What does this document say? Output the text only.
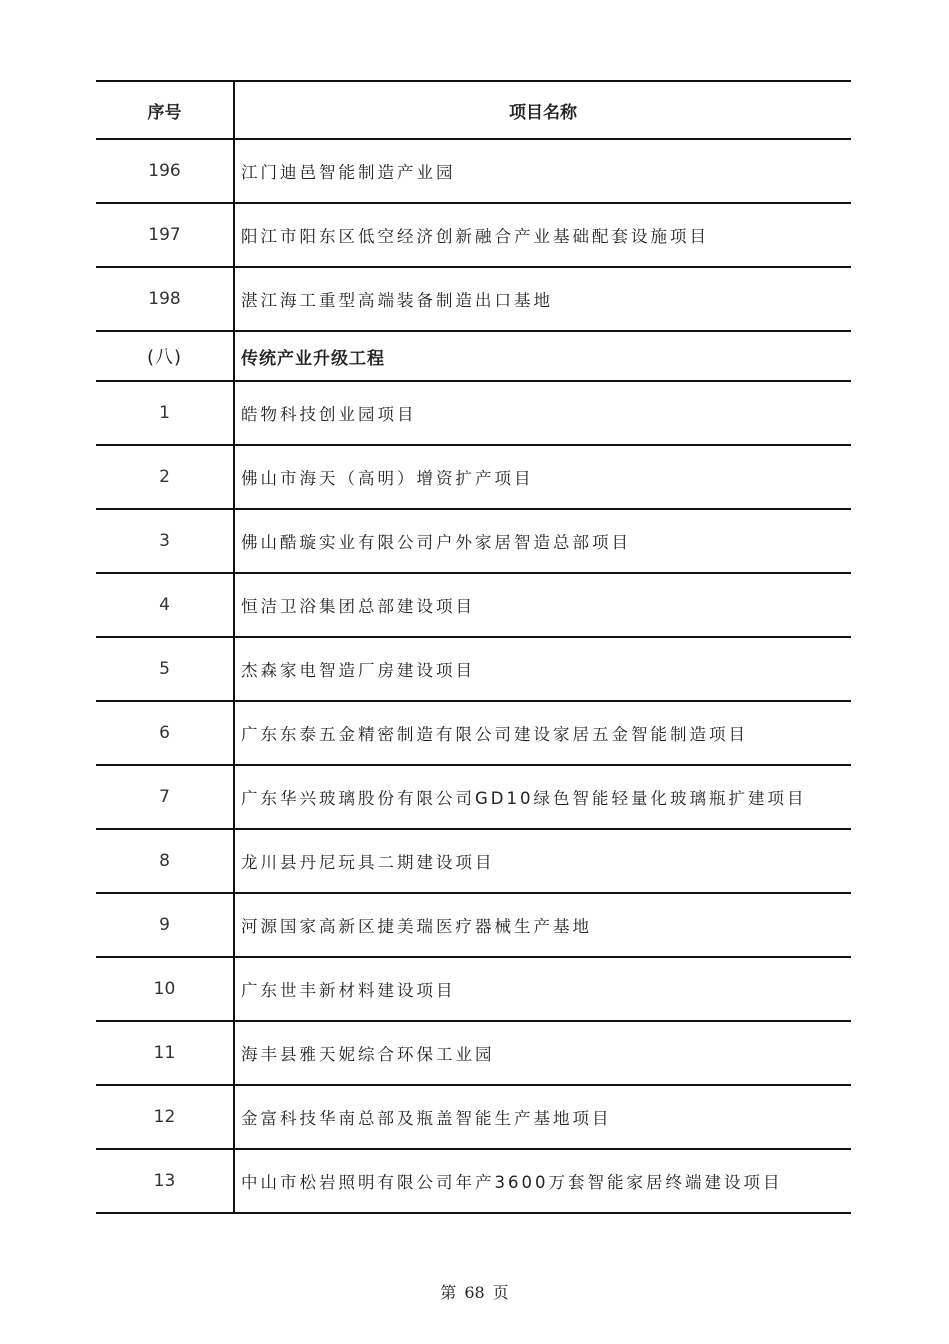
序号	项目名称
196	江门迪邑智能制造产业园
197	阳江市阳东区低空经济创新融合产业基础配套设施项目
198	湛江海工重型高端装备制造出口基地
(八)	传统产业升级工程
1	皓物科技创业园项目
2	佛山市海天（高明）增资扩产项目
3	佛山酷璇实业有限公司户外家居智造总部项目
4	恒洁卫浴集团总部建设项目
5	杰森家电智造厂房建设项目
6	广东东泰五金精密制造有限公司建设家居五金智能制造项目
7	广东华兴玻璃股份有限公司GD10绿色智能轻量化玻璃瓶扩建项目
8	龙川县丹尼玩具二期建设项目
9	河源国家高新区捷美瑞医疗器械生产基地
10	广东世丰新材料建设项目
11	海丰县雅天妮综合环保工业园
12	金富科技华南总部及瓶盖智能生产基地项目
13	中山市松岩照明有限公司年产3600万套智能家居终端建设项目
第 68 页
